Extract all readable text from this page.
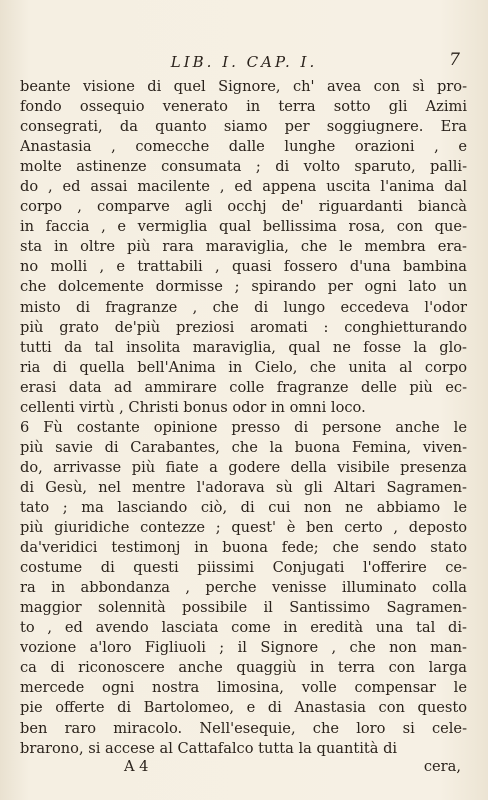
LIB. I. CAP. I.	7
beante visione di quel Signore, ch' avea con sì pro-
fondo ossequio venerato in terra sotto gli Azimi
consegrati, da quanto siamo per soggiugnere. Era
Anastasia , comecche dalle lunghe orazioni , e
molte astinenze consumata ; di volto sparuto, palli-
do , ed assai macilente , ed appena uscita l'anima dal
corpo , comparve agli occhj de' riguardanti biancà
in faccia , e vermiglia qual bellissima rosa, con que-
sta in oltre più rara maraviglia, che le membra era-
no molli , e trattabili , quasi fossero d'una bambina
che dolcemente dormisse ; spirando per ogni lato un
misto di fragranze , che di lungo eccedeva l'odor
più grato de'più preziosi aromati : conghietturando
tutti da tal insolita maraviglia, qual ne fosse la glo-
ria di quella bell'Anima in Cielo, che unita al corpo
erasi data ad ammirare colle fragranze delle più ec-
cellenti virtù , Christi bonus odor in omni loco.
6 Fù costante opinione presso di persone anche le
più savie di Carabantes, che la buona Femina, viven-
do, arrivasse più fiate a godere della visibile presenza
di Gesù, nel mentre l'adorava sù gli Altari Sagramen-
tato ; ma lasciando ciò, di cui non ne abbiamo le
più giuridiche contezze ; quest' è ben certo , deposto
da'veridici testimonj in buona fede; che sendo stato
costume di questi piissimi Conjugati l'offerire ce-
ra in abbondanza , perche venisse illuminato colla
maggior solennità possibile il Santissimo Sagramen-
to , ed avendo lasciata come in eredità una tal di-
vozione a'loro Figliuoli ; il Signore , che non man-
ca di riconoscere anche quaggiù in terra con larga
mercede ogni nostra limosina, volle compensar le
pie offerte di Bartolomeo, e di Anastasia con questo
ben raro miracolo. Nell'esequie, che loro si cele-
brarono, si accese al Cattafalco tutta la quantità di
A 4	cera,
